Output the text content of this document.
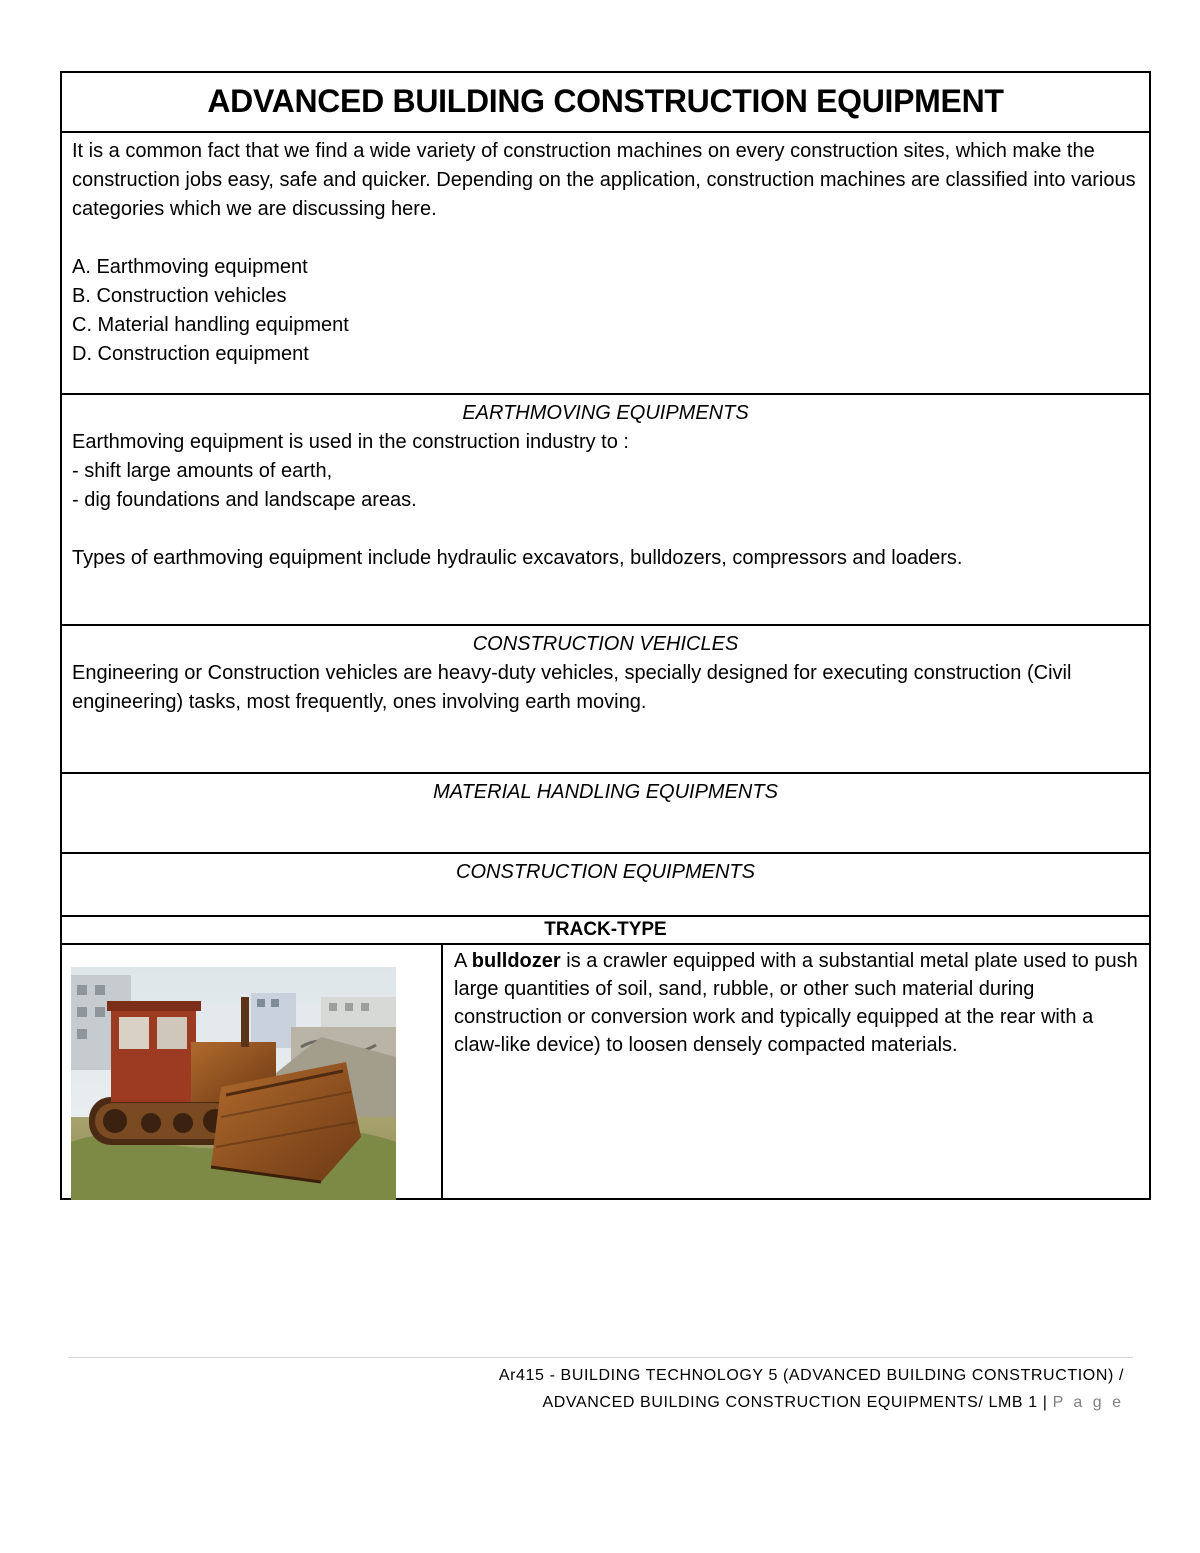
ADVANCED BUILDING CONSTRUCTION EQUIPMENT

It is a common fact that we find a wide variety of construction machines on every construction sites, which make the construction jobs easy, safe and quicker. Depending on the application, construction machines are classified into various categories which we are discussing here.
A. Earthmoving equipment
B. Construction vehicles
C. Material handling equipment
D. Construction equipment

EARTHMOVING EQUIPMENTS
Earthmoving equipment is used in the construction industry to :
- shift large amounts of earth,
- dig foundations and landscape areas.
Types of earthmoving equipment include hydraulic excavators, bulldozers, compressors and loaders.

CONSTRUCTION VEHICLES
Engineering or Construction vehicles are heavy-duty vehicles, specially designed for executing construction (Civil engineering) tasks, most frequently, ones involving earth moving.

MATERIAL HANDLING EQUIPMENTS

CONSTRUCTION EQUIPMENTS

TRACK-TYPE

	A bulldozer is a crawler equipped with a substantial metal plate used to push large quantities of soil, sand, rubble, or other such material during construction or conversion work and typically equipped at the rear with a claw-like device) to loosen densely compacted materials.
Ar415 - BUILDING TECHNOLOGY 5 (ADVANCED BUILDING CONSTRUCTION) /
ADVANCED BUILDING CONSTRUCTION EQUIPMENTS/ LMB 1 | P a g e
